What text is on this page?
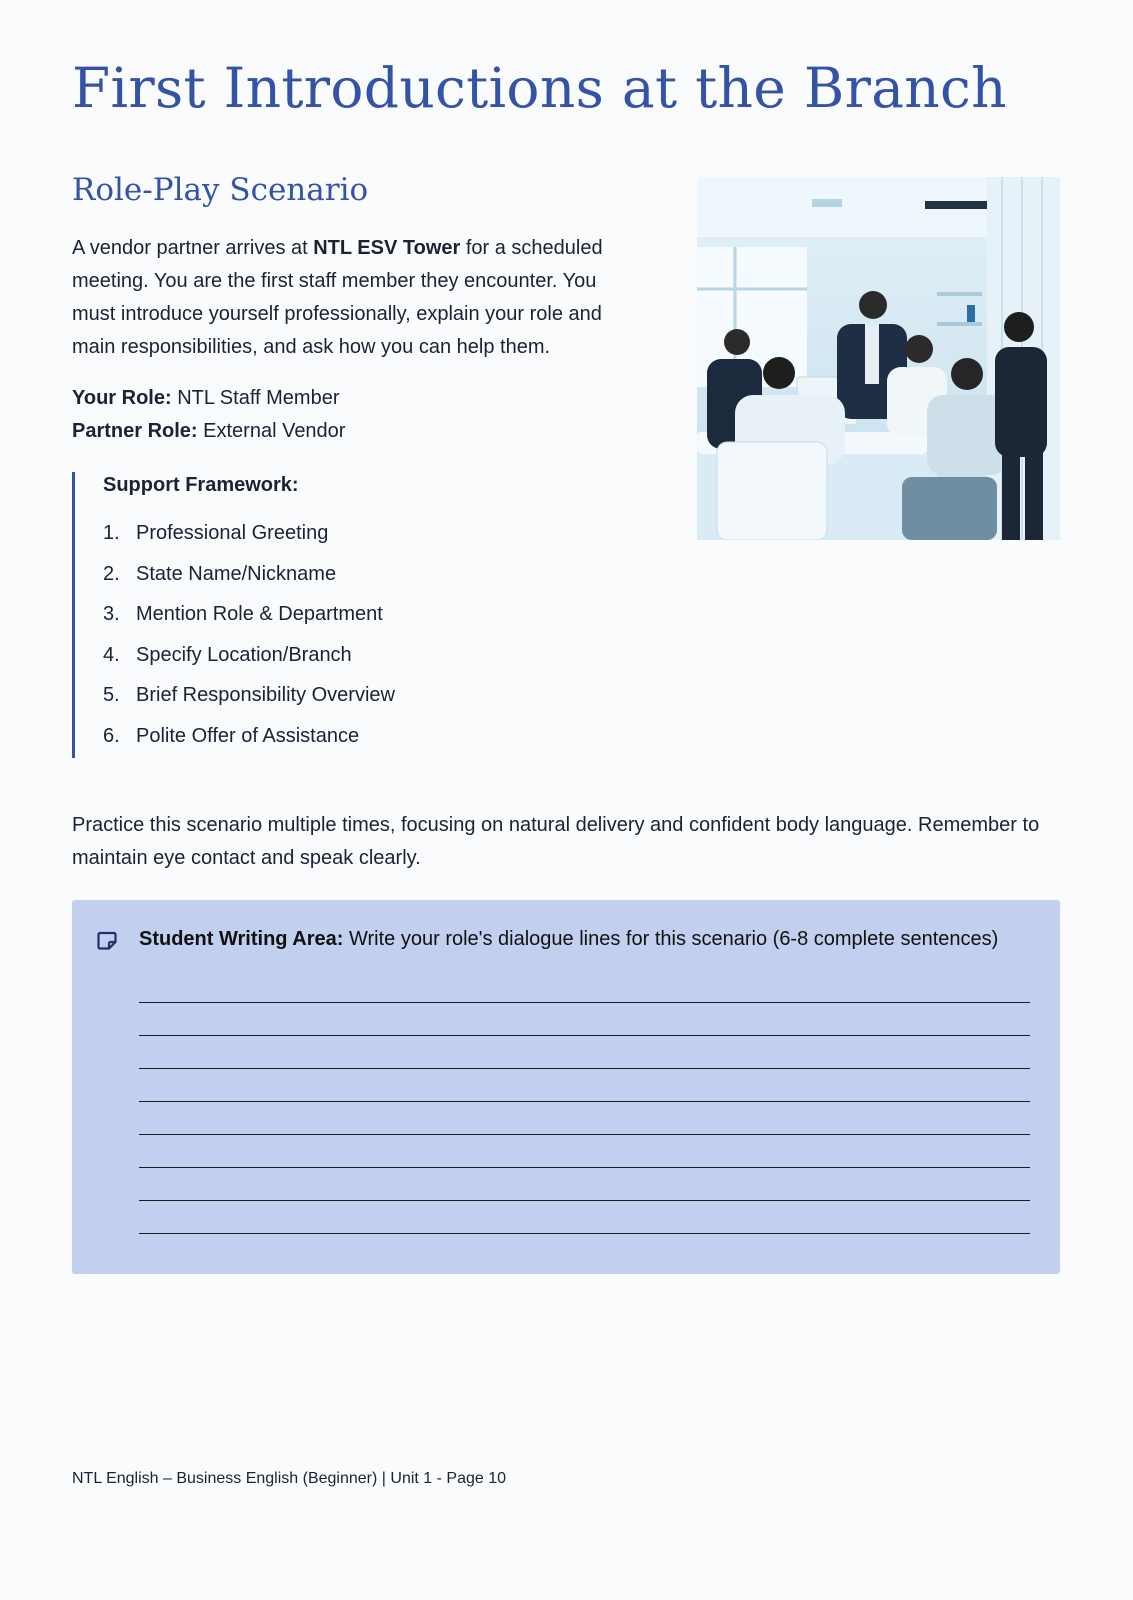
First Introductions at the Branch
Role-Play Scenario

A vendor partner arrives at NTL ESV Tower for a scheduled meeting. You are the first staff member they encounter. You must introduce yourself professionally, explain your role and main responsibilities, and ask how you can help them.

Your Role: NTL Staff Member
Partner Role: External Vendor

Support Framework:

1. Professional Greeting
2. State Name/Nickname
3. Mention Role & Department
4. Specify Location/Branch
5. Brief Responsibility Overview
6. Polite Offer of Assistance

Practice this scenario multiple times, focusing on natural delivery and confident body language. Remember to maintain eye contact and speak clearly.

Student Writing Area: Write your role's dialogue lines for this scenario (6-8 complete sentences)

NTL English – Business English (Beginner) | Unit 1 - Page 10
